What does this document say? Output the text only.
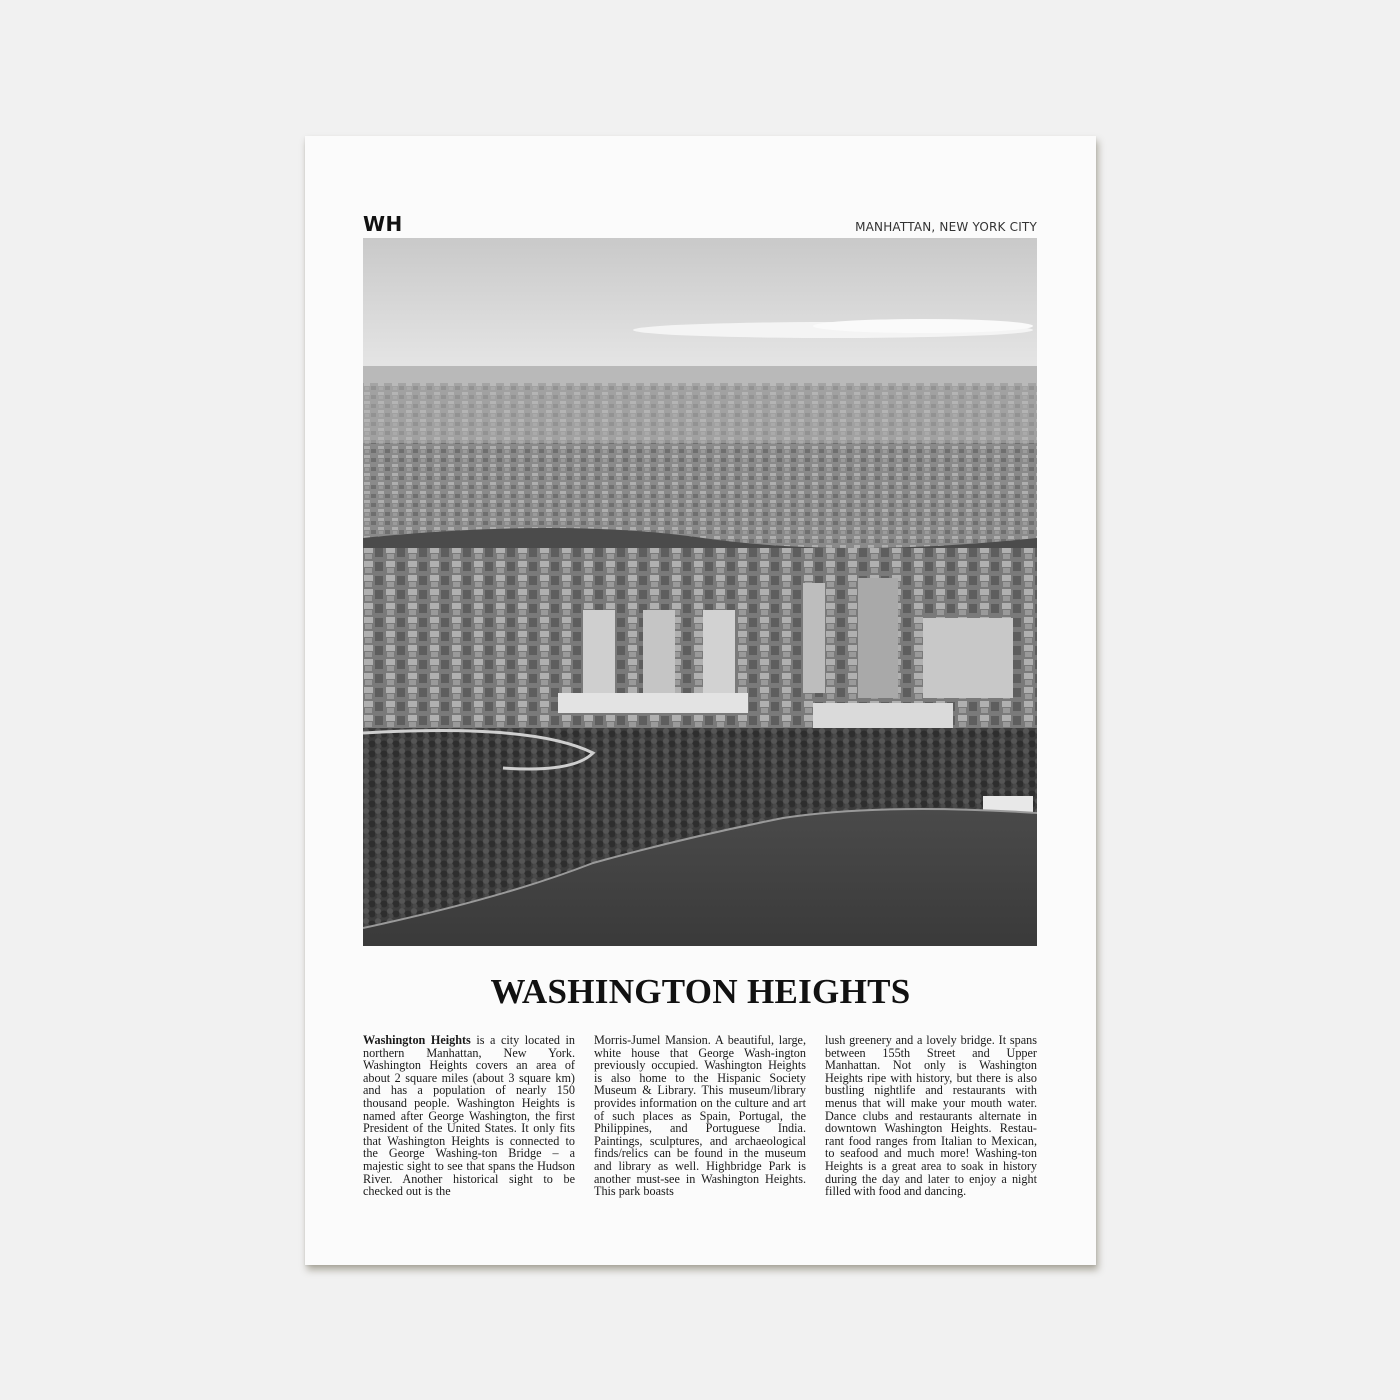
WH	MANHATTAN, NEW YORK CITY
WASHINGTON HEIGHTS
Washington Heights is a city located in northern Manhattan, New York. Washington Heights covers an area of about 2 square miles (about 3 square km) and has a population of nearly 150 thousand people. Washington Heights is named after George Washington, the first President of the United States. It only fits that Washington Heights is connected to the George Washing-ton Bridge – a majestic sight to see that spans the Hudson River. Another historical sight to be checked out is the
Morris-Jumel Mansion. A beautiful, large, white house that George Wash-ington previously occupied. Washington Heights is also home to the Hispanic Society Museum & Library. This museum/library provides information on the culture and art of such places as Spain, Portugal, the Philippines, and Portuguese India. Paintings, sculptures, and archaeological finds/relics can be found in the museum and library as well. Highbridge Park is another must-see in Washington Heights. This park boasts
lush greenery and a lovely bridge. It spans between 155th Street and Upper Manhattan. Not only is Washington Heights ripe with history, but there is also bustling nightlife and restaurants with menus that will make your mouth water. Dance clubs and restaurants alternate in downtown Washington Heights. Restau-rant food ranges from Italian to Mexican, to seafood and much more! Washing-ton Heights is a great area to soak in history during the day and later to enjoy a night filled with food and dancing.
